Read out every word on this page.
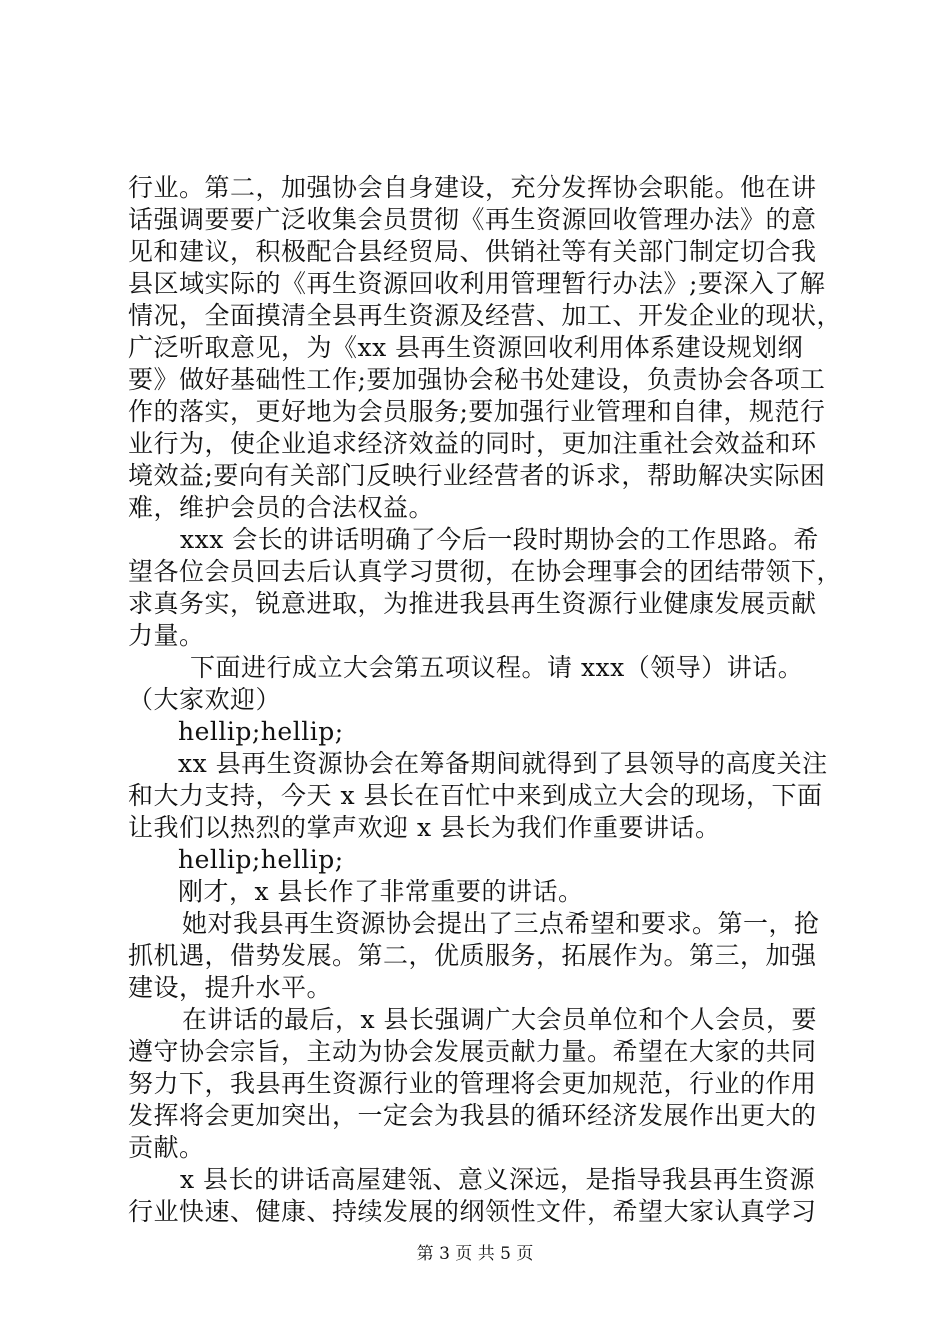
行业。第二，加强协会自身建设，充分发挥协会职能。他在讲
话强调要要广泛收集会员贯彻《再生资源回收管理办法》的意
见和建议，积极配合县经贸局、供销社等有关部门制定切合我
县区域实际的《再生资源回收利用管理暂行办法》;要深入了解
情况，全面摸清全县再生资源及经营、加工、开发企业的现状，
广泛听取意见，为《xx 县再生资源回收利用体系建设规划纲
要》做好基础性工作;要加强协会秘书处建设，负责协会各项工
作的落实，更好地为会员服务;要加强行业管理和自律，规范行
业行为，使企业追求经济效益的同时，更加注重社会效益和环
境效益;要向有关部门反映行业经营者的诉求，帮助解决实际困
难，维护会员的合法权益。
xxx 会长的讲话明确了今后一段时期协会的工作思路。希
望各位会员回去后认真学习贯彻，在协会理事会的团结带领下，
求真务实，锐意进取，为推进我县再生资源行业健康发展贡献
力量。
下面进行成立大会第五项议程。请 xxx（领导）讲话。
（大家欢迎）
hellip;hellip;
xx 县再生资源协会在筹备期间就得到了县领导的高度关注
和大力支持，今天 x 县长在百忙中来到成立大会的现场，下面
让我们以热烈的掌声欢迎 x 县长为我们作重要讲话。
hellip;hellip;
刚才，x 县长作了非常重要的讲话。
她对我县再生资源协会提出了三点希望和要求。第一，抢
抓机遇，借势发展。第二，优质服务，拓展作为。第三，加强
建设，提升水平。
在讲话的最后，x 县长强调广大会员单位和个人会员，要
遵守协会宗旨，主动为协会发展贡献力量。希望在大家的共同
努力下，我县再生资源行业的管理将会更加规范，行业的作用
发挥将会更加突出，一定会为我县的循环经济发展作出更大的
贡献。
x 县长的讲话高屋建瓴、意义深远，是指导我县再生资源
行业快速、健康、持续发展的纲领性文件，希望大家认真学习
第 3 页 共 5 页
